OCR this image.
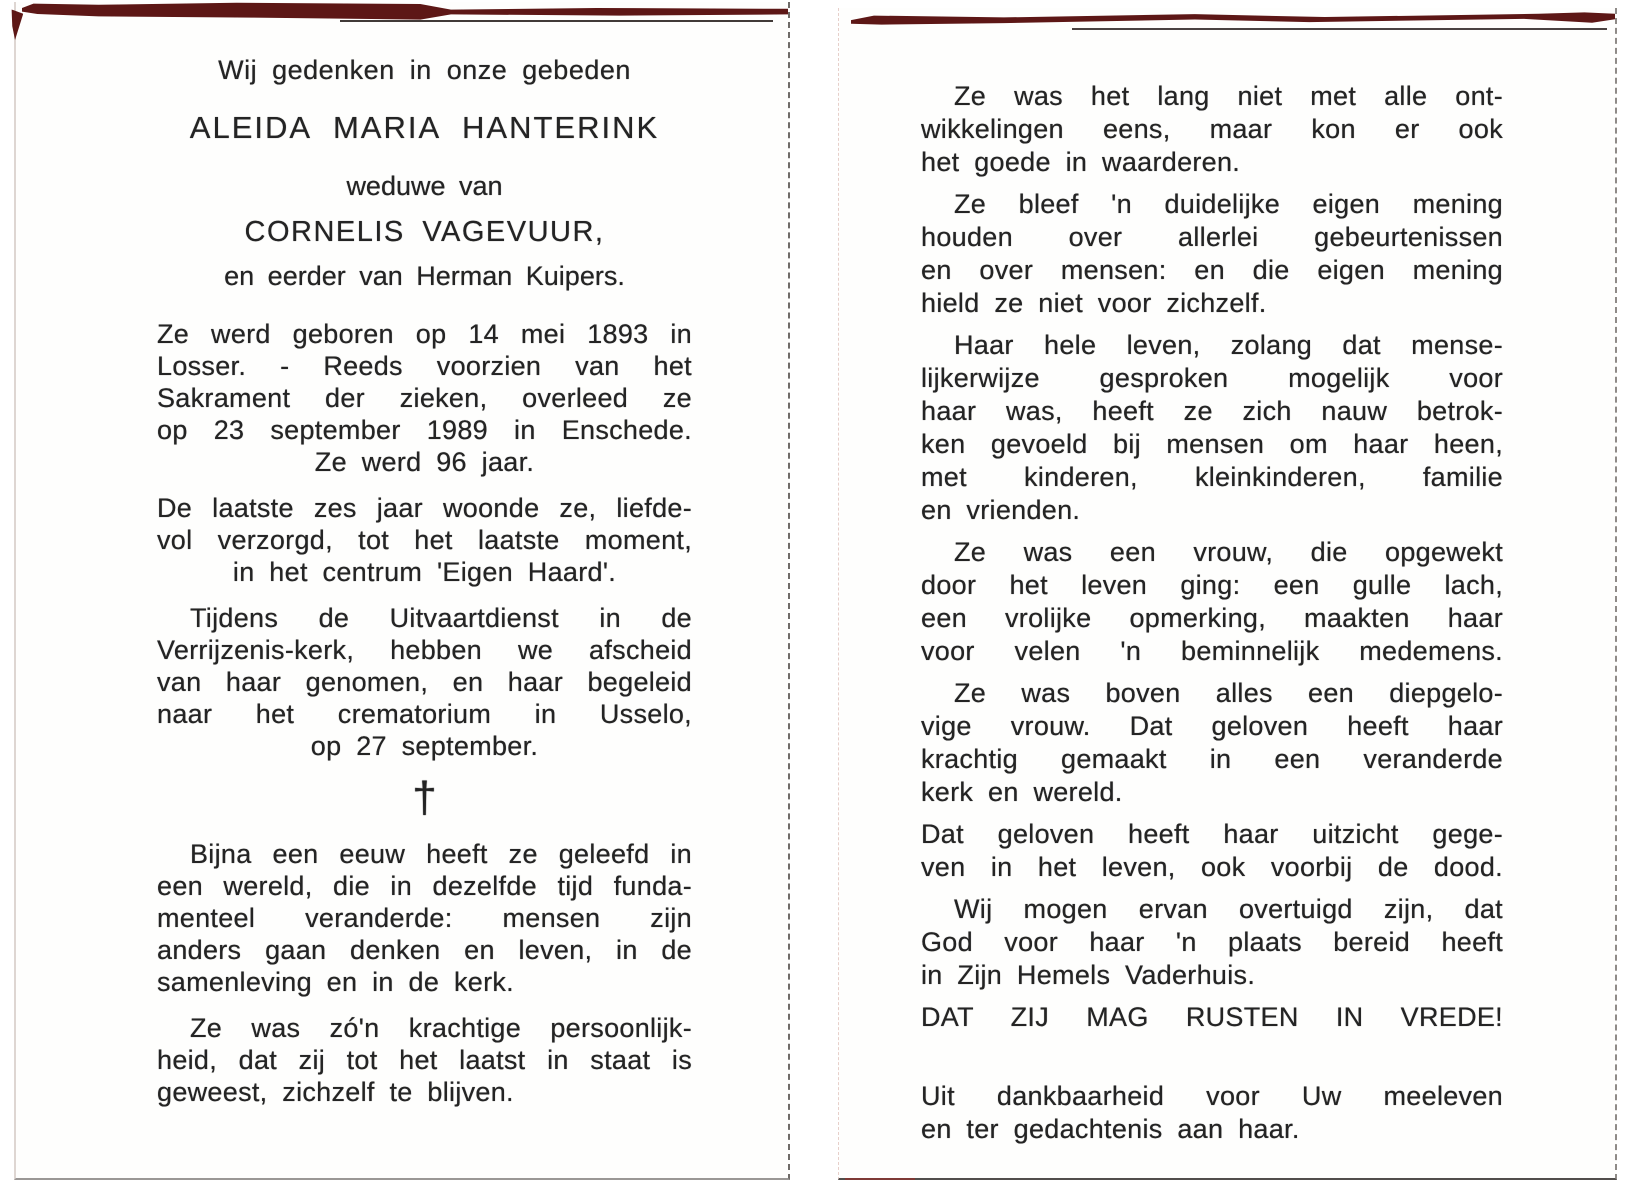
Wij gedenken in onze gebeden
ALEIDA MARIA HANTERINK
weduwe van
CORNELIS VAGEVUUR,
en eerder van Herman Kuipers.
Ze werd geboren op 14 mei 1893 in
Losser. - Reeds voorzien van het
Sakrament der zieken, overleed ze
op 23 september 1989 in Enschede.
Ze werd 96 jaar.
De laatste zes jaar woonde ze, liefde-
vol verzorgd, tot het laatste moment,
in het centrum 'Eigen Haard'.
Tijdens de Uitvaartdienst in de
Verrijzenis-kerk, hebben we afscheid
van haar genomen, en haar begeleid
naar het crematorium in Usselo,
op 27 september.
†
Bijna een eeuw heeft ze geleefd in
een wereld, die in dezelfde tijd funda-
menteel veranderde: mensen zijn
anders gaan denken en leven, in de
samenleving en in de kerk.
Ze was zó'n krachtige persoonlijk-
heid, dat zij tot het laatst in staat is
geweest, zichzelf te blijven.
Ze was het lang niet met alle ont-
wikkelingen eens, maar kon er ook
het goede in waarderen.
Ze bleef 'n duidelijke eigen mening
houden over allerlei gebeurtenissen
en over mensen: en die eigen mening
hield ze niet voor zichzelf.
Haar hele leven, zolang dat mense-
lijkerwijze gesproken mogelijk voor
haar was, heeft ze zich nauw betrok-
ken gevoeld bij mensen om haar heen,
met kinderen, kleinkinderen, familie
en vrienden.
Ze was een vrouw, die opgewekt
door het leven ging: een gulle lach,
een vrolijke opmerking, maakten haar
voor velen 'n beminnelijk medemens.
Ze was boven alles een diepgelo-
vige vrouw. Dat geloven heeft haar
krachtig gemaakt in een veranderde
kerk en wereld.
Dat geloven heeft haar uitzicht gege-
ven in het leven, ook voorbij de dood.
Wij mogen ervan overtuigd zijn, dat
God voor haar 'n plaats bereid heeft
in Zijn Hemels Vaderhuis.
DAT ZIJ MAG RUSTEN IN VREDE!
Uit dankbaarheid voor Uw meeleven
en ter gedachtenis aan haar.
